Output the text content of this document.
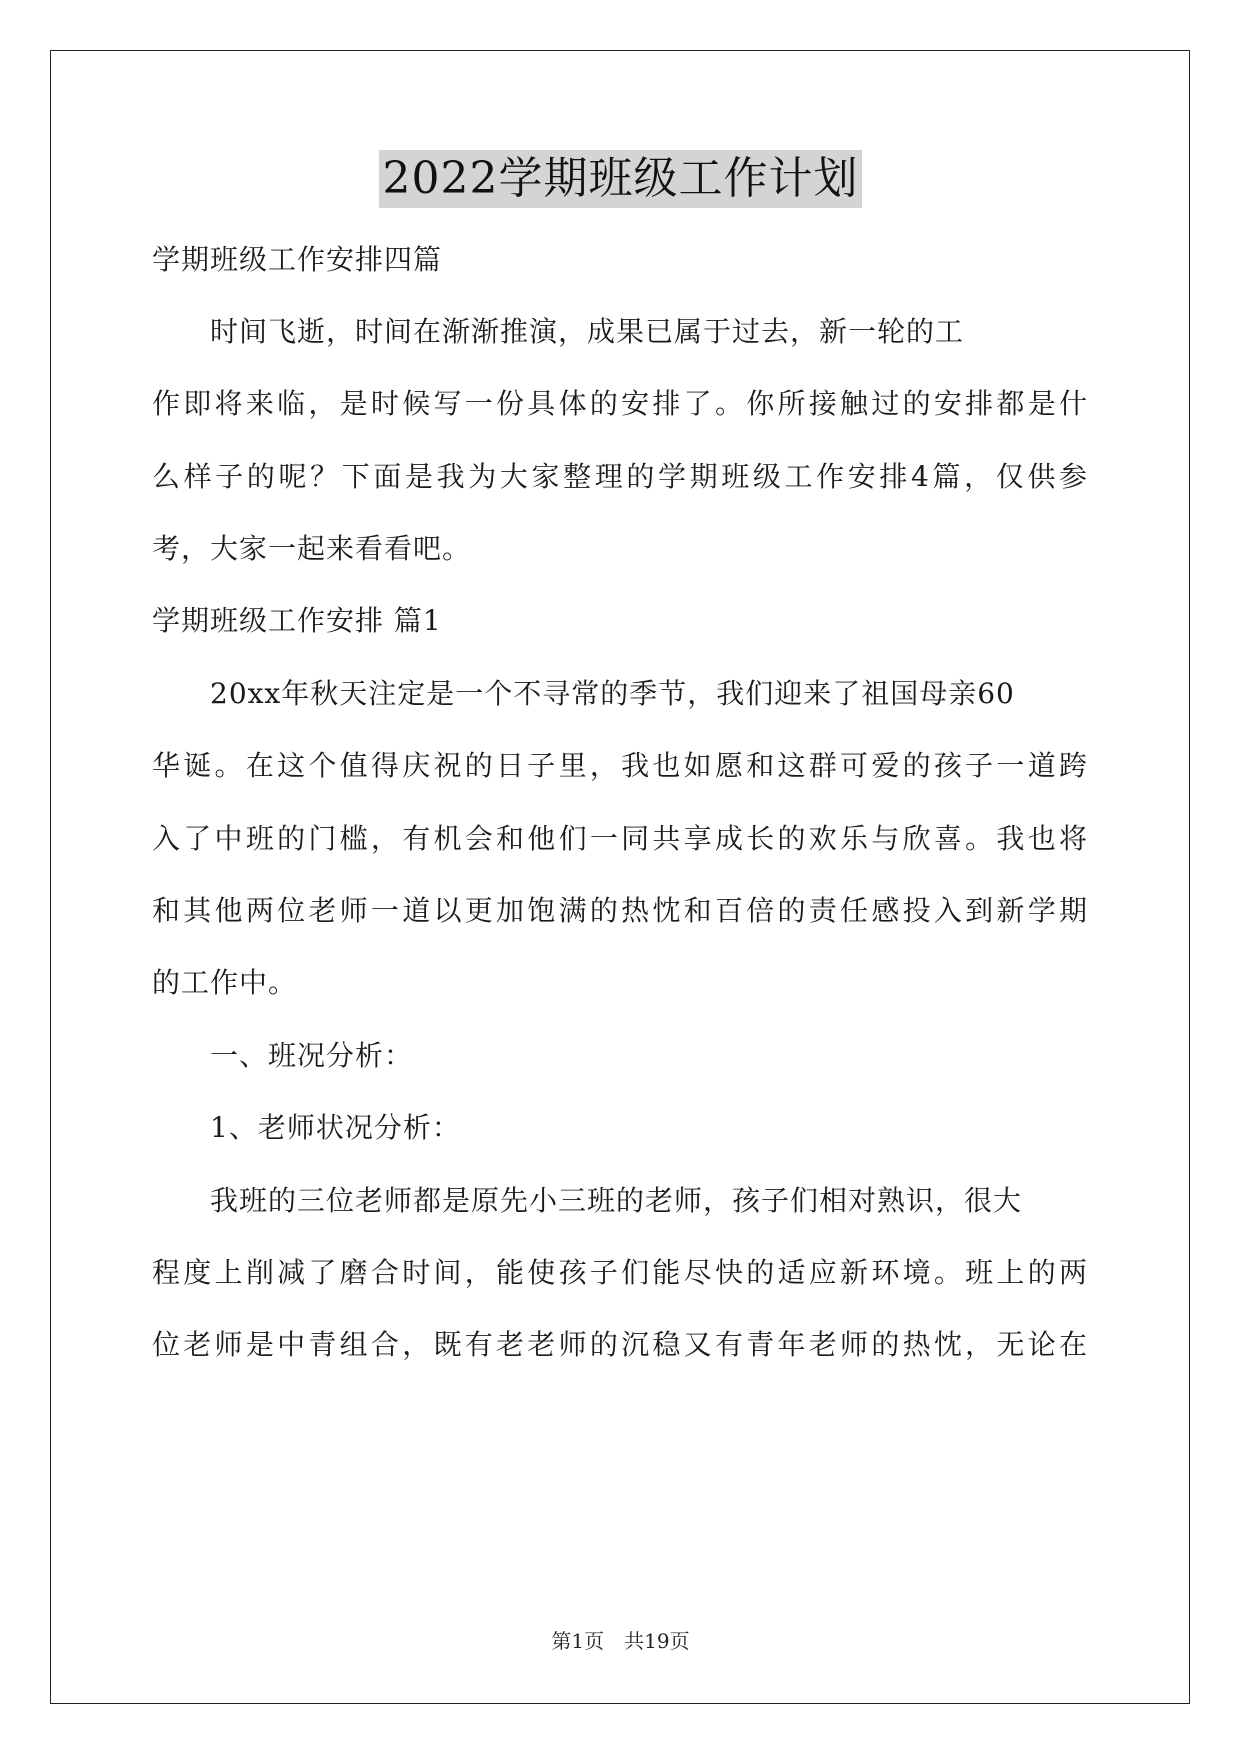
2022学期班级工作计划
学期班级工作安排四篇
　　时间飞逝，时间在渐渐推演，成果已属于过去，新一轮的工
作即将来临，是时候写一份具体的安排了。你所接触过的安排都是什
么样子的呢？下面是我为大家整理的学期班级工作安排4篇，仅供参
考，大家一起来看看吧。
学期班级工作安排 篇1
　　20xx年秋天注定是一个不寻常的季节，我们迎来了祖国母亲60
华诞。在这个值得庆祝的日子里，我也如愿和这群可爱的孩子一道跨
入了中班的门槛，有机会和他们一同共享成长的欢乐与欣喜。我也将
和其他两位老师一道以更加饱满的热忱和百倍的责任感投入到新学期
的工作中。
　　一、班况分析：
　　1、老师状况分析：
　　我班的三位老师都是原先小三班的老师，孩子们相对熟识，很大
程度上削减了磨合时间，能使孩子们能尽快的适应新环境。班上的两
位老师是中青组合，既有老老师的沉稳又有青年老师的热忱，无论在
第1页　共19页
